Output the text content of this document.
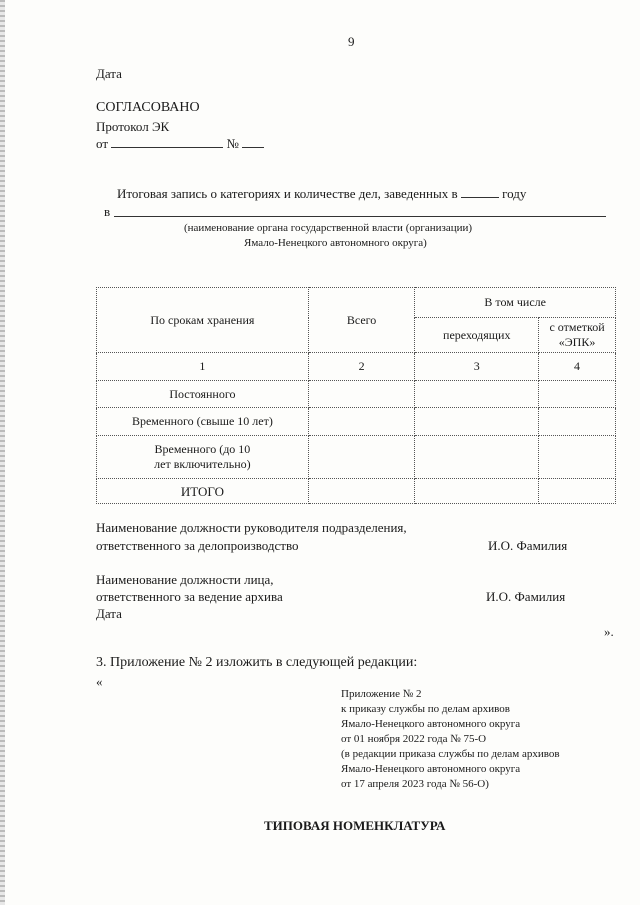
9
Дата
СОГЛАСОВАНО
Протокол ЭК
от	№
Итоговая запись о категориях и количестве дел, заведенных в	году
в
(наименование органа государственной власти (организации)
Ямало-Ненецкого автономного округа)
По срокам хранения	Всего	В том числе	
		переходящих	с отметкой «ЭПК»
1	2	3	4
Постоянного			
Временного (свыше 10 лет)			
Временного (до 10 лет включительно)			
ИТОГО			
Наименование должности руководителя подразделения,
ответственного за делопроизводство	И.О. Фамилия
Наименование должности лица,
ответственного за ведение архива	И.О. Фамилия
Дата
».
3. Приложение № 2 изложить в следующей редакции:
«
Приложение № 2
к приказу службы по делам архивов
Ямало-Ненецкого автономного округа
от 01 ноября 2022 года № 75-О
(в редакции приказа службы по делам архивов
Ямало-Ненецкого автономного округа
от 17 апреля 2023 года № 56-О)
ТИПОВАЯ НОМЕНКЛАТУРА
